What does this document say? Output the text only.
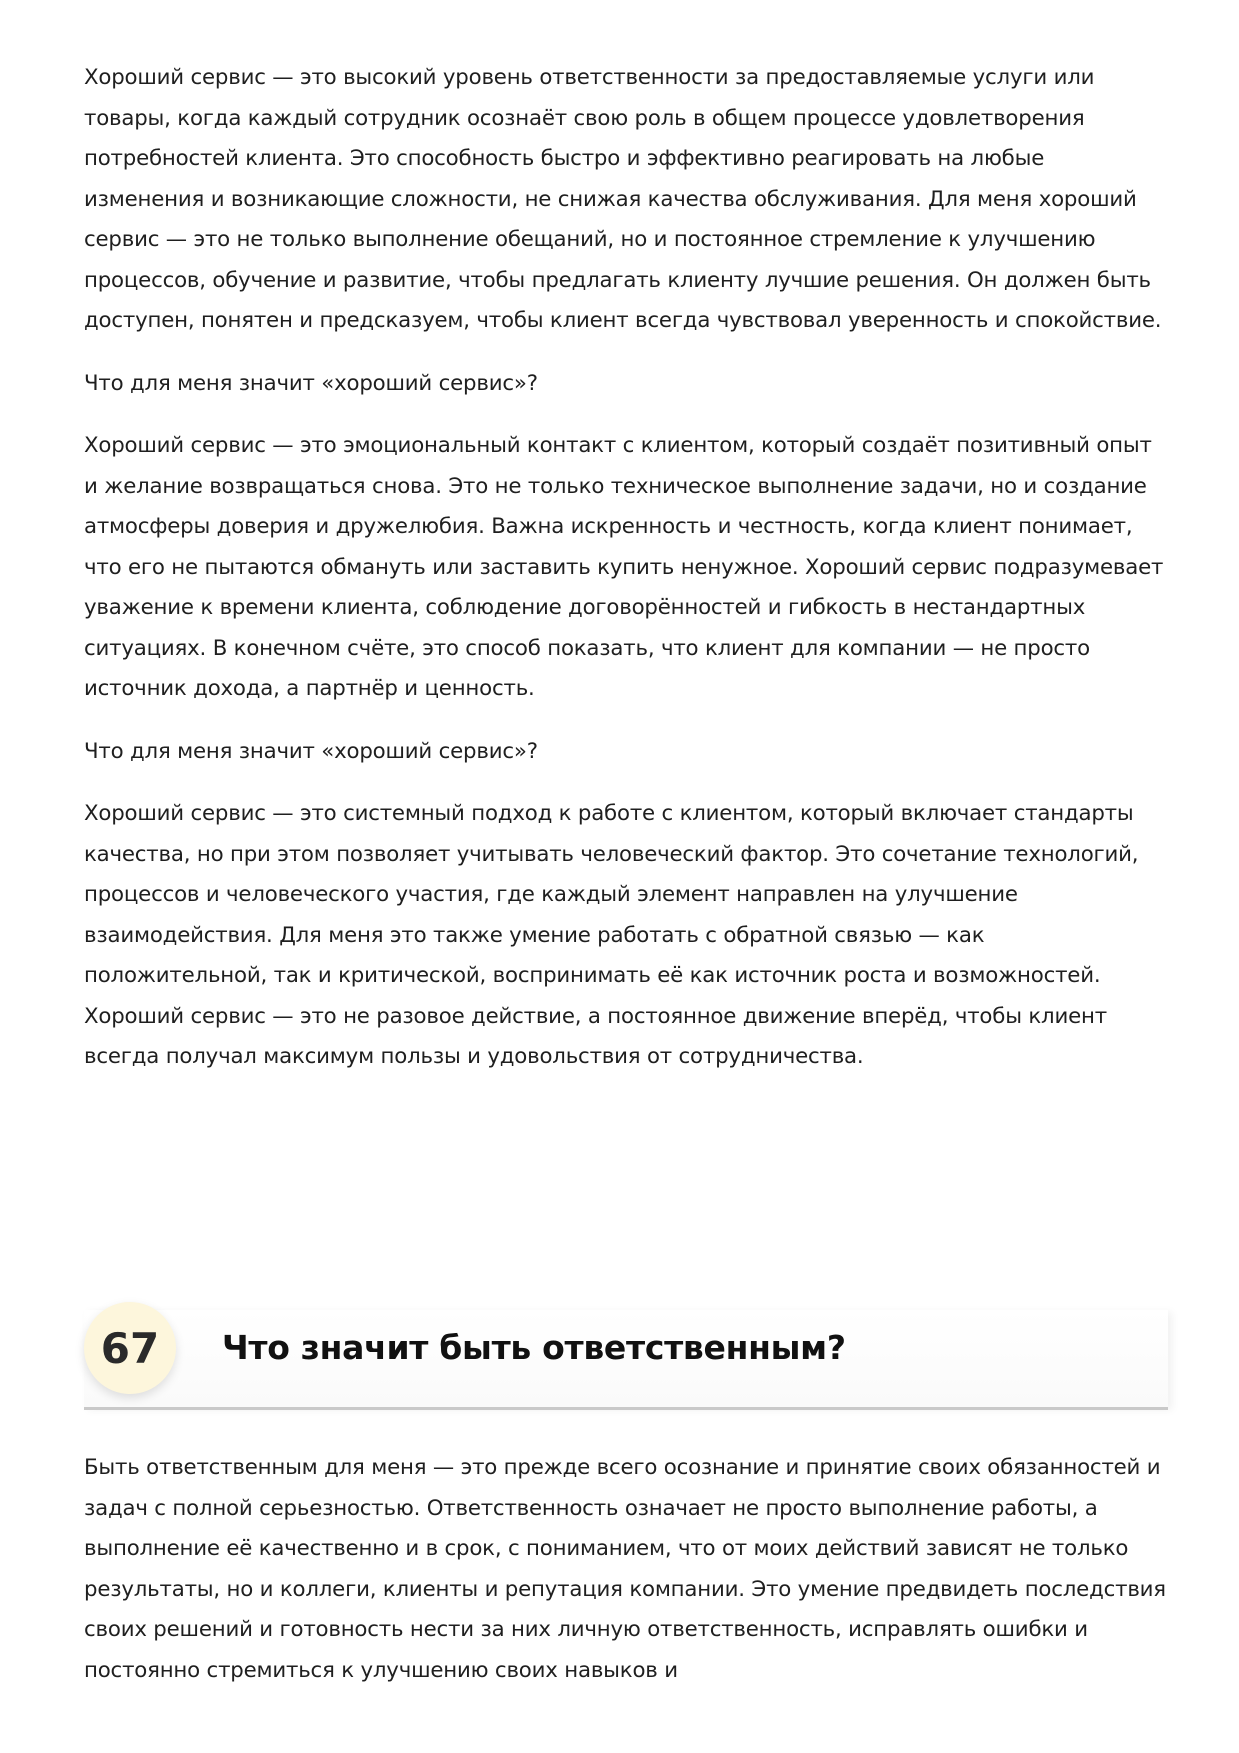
Хороший сервис — это высокий уровень ответственности за предоставляемые услуги или товары, когда каждый сотрудник осознаёт свою роль в общем процессе удовлетворения потребностей клиента. Это способность быстро и эффективно реагировать на любые изменения и возникающие сложности, не снижая качества обслуживания. Для меня хороший сервис — это не только выполнение обещаний, но и постоянное стремление к улучшению процессов, обучение и развитие, чтобы предлагать клиенту лучшие решения. Он должен быть доступен, понятен и предсказуем, чтобы клиент всегда чувствовал уверенность и спокойствие.

Что для меня значит «хороший сервис»?

Хороший сервис — это эмоциональный контакт с клиентом, который создаёт позитивный опыт и желание возвращаться снова. Это не только техническое выполнение задачи, но и создание атмосферы доверия и дружелюбия. Важна искренность и честность, когда клиент понимает, что его не пытаются обмануть или заставить купить ненужное. Хороший сервис подразумевает уважение к времени клиента, соблюдение договорённостей и гибкость в нестандартных ситуациях. В конечном счёте, это способ показать, что клиент для компании — не просто источник дохода, а партнёр и ценность.

Что для меня значит «хороший сервис»?

Хороший сервис — это системный подход к работе с клиентом, который включает стандарты качества, но при этом позволяет учитывать человеческий фактор. Это сочетание технологий, процессов и человеческого участия, где каждый элемент направлен на улучшение взаимодействия. Для меня это также умение работать с обратной связью — как положительной, так и критической, воспринимать её как источник роста и возможностей. Хороший сервис — это не разовое действие, а постоянное движение вперёд, чтобы клиент всегда получал максимум пользы и удовольствия от сотрудничества.

67	Что значит быть ответственным?

Быть ответственным для меня — это прежде всего осознание и принятие своих обязанностей и задач с полной серьезностью. Ответственность означает не просто выполнение работы, а выполнение её качественно и в срок, с пониманием, что от моих действий зависят не только результаты, но и коллеги, клиенты и репутация компании. Это умение предвидеть последствия своих решений и готовность нести за них личную ответственность, исправлять ошибки и постоянно стремиться к улучшению своих навыков и
